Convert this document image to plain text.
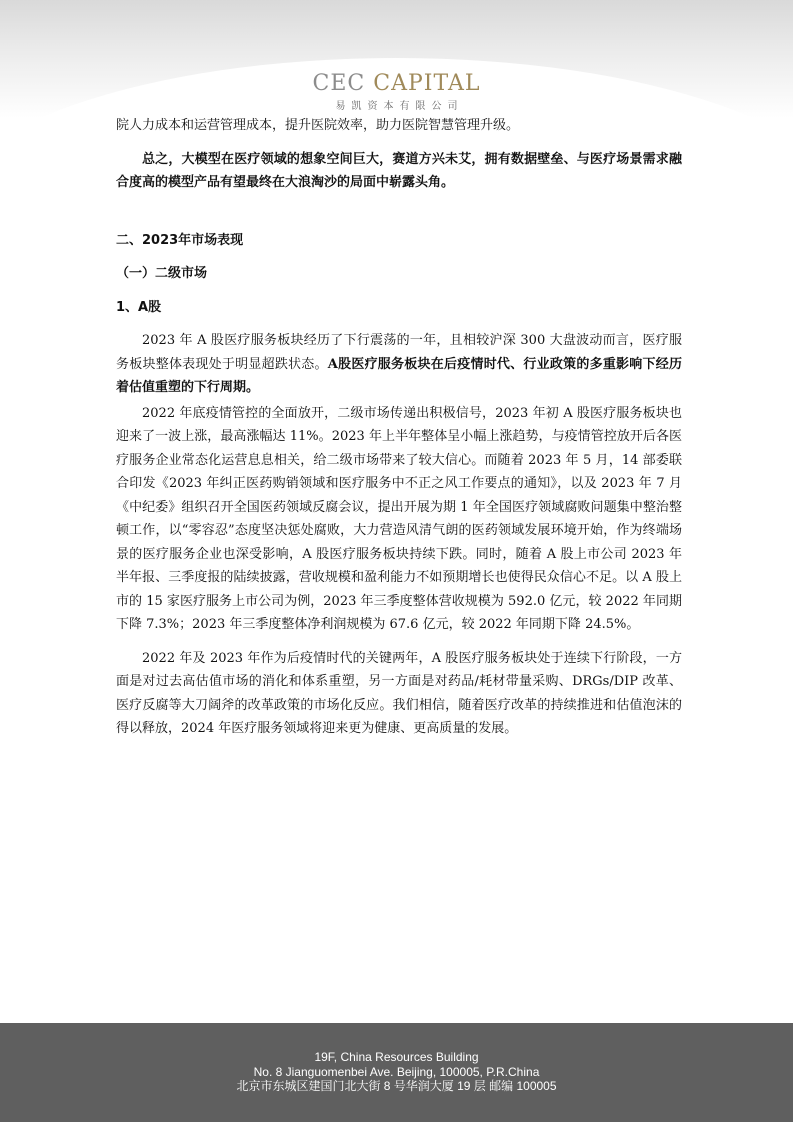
CEC CAPITAL
易凯资本有限公司

院人力成本和运营管理成本，提升医院效率，助力医院智慧管理升级。

总之，大模型在医疗领域的想象空间巨大，赛道方兴未艾，拥有数据壁垒、与医疗场景需求融合度高的模型产品有望最终在大浪淘沙的局面中崭露头角。

二、2023年市场表现

（一）二级市场

1、A股

2023 年 A 股医疗服务板块经历了下行震荡的一年，且相较沪深 300 大盘波动而言，医疗服务板块整体表现处于明显超跌状态。A股医疗服务板块在后疫情时代、行业政策的多重影响下经历着估值重塑的下行周期。

2022 年底疫情管控的全面放开，二级市场传递出积极信号，2023 年初 A 股医疗服务板块也迎来了一波上涨，最高涨幅达 11%。2023 年上半年整体呈小幅上涨趋势，与疫情管控放开后各医疗服务企业常态化运营息息相关，给二级市场带来了较大信心。而随着 2023 年 5 月，14 部委联合印发《2023 年纠正医药购销领域和医疗服务中不正之风工作要点的通知》，以及 2023 年 7 月《中纪委》组织召开全国医药领域反腐会议，提出开展为期 1 年全国医疗领域腐败问题集中整治整顿工作，以“零容忍”态度坚决惩处腐败，大力营造风清气朗的医药领域发展环境开始，作为终端场景的医疗服务企业也深受影响，A 股医疗服务板块持续下跌。同时，随着 A 股上市公司 2023 年半年报、三季度报的陆续披露，营收规模和盈利能力不如预期增长也使得民众信心不足。以 A 股上市的 15 家医疗服务上市公司为例，2023 年三季度整体营收规模为 592.0 亿元，较 2022 年同期下降 7.3%；2023 年三季度整体净利润规模为 67.6 亿元，较 2022 年同期下降 24.5%。

2022 年及 2023 年作为后疫情时代的关键两年，A 股医疗服务板块处于连续下行阶段，一方面是对过去高估值市场的消化和体系重塑，另一方面是对药品/耗材带量采购、DRGs/DIP 改革、医疗反腐等大刀阔斧的改革政策的市场化反应。我们相信，随着医疗改革的持续推进和估值泡沫的得以释放，2024 年医疗服务领域将迎来更为健康、更高质量的发展。

19F, China Resources Building
No. 8 Jianguomenbei Ave. Beijing, 100005, P.R.China
北京市东城区建国门北大街 8 号华润大厦 19 层 邮编 100005
